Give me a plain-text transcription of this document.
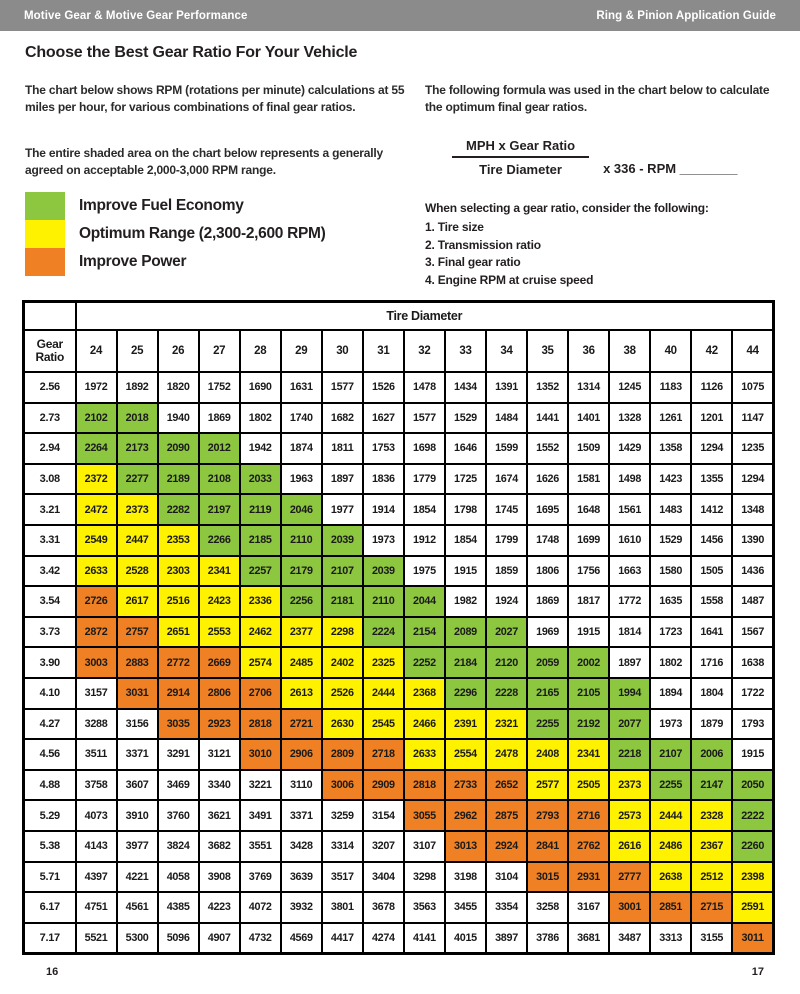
Motive Gear & Motive Gear Performance	Ring & Pinion Application Guide
Choose the Best Gear Ratio For Your Vehicle
The chart below shows RPM (rotations per minute) calculations at 55 miles per hour, for various combinations of final gear ratios.
The entire shaded area on the chart below represents a generally agreed on acceptable 2,000-3,000 RPM range.
Improve Fuel Economy
Optimum Range (2,300-2,600 RPM)
Improve Power
The following formula was used in the chart below to calculate the optimum final gear ratios.
$\frac{\text{MPH x Gear Ratio}}{\text{Tire Diameter}}$ x 336 - RPM ________
When selecting a gear ratio, consider the following:
1. Tire size
2. Transmission ratio
3. Final gear ratio
4. Engine RPM at cruise speed
	Tire Diameter																
Gear Ratio	24	25	26	27	28	29	30	31	32	33	34	35	36	38	40	42	44
2.56	1972	1892	1820	1752	1690	1631	1577	1526	1478	1434	1391	1352	1314	1245	1183	1126	1075
2.73	2102	2018	1940	1869	1802	1740	1682	1627	1577	1529	1484	1441	1401	1328	1261	1201	1147
2.94	2264	2173	2090	2012	1942	1874	1811	1753	1698	1646	1599	1552	1509	1429	1358	1294	1235
3.08	2372	2277	2189	2108	2033	1963	1897	1836	1779	1725	1674	1626	1581	1498	1423	1355	1294
3.21	2472	2373	2282	2197	2119	2046	1977	1914	1854	1798	1745	1695	1648	1561	1483	1412	1348
3.31	2549	2447	2353	2266	2185	2110	2039	1973	1912	1854	1799	1748	1699	1610	1529	1456	1390
3.42	2633	2528	2303	2341	2257	2179	2107	2039	1975	1915	1859	1806	1756	1663	1580	1505	1436
3.54	2726	2617	2516	2423	2336	2256	2181	2110	2044	1982	1924	1869	1817	1772	1635	1558	1487
3.73	2872	2757	2651	2553	2462	2377	2298	2224	2154	2089	2027	1969	1915	1814	1723	1641	1567
3.90	3003	2883	2772	2669	2574	2485	2402	2325	2252	2184	2120	2059	2002	1897	1802	1716	1638
4.10	3157	3031	2914	2806	2706	2613	2526	2444	2368	2296	2228	2165	2105	1994	1894	1804	1722
4.27	3288	3156	3035	2923	2818	2721	2630	2545	2466	2391	2321	2255	2192	2077	1973	1879	1793
4.56	3511	3371	3291	3121	3010	2906	2809	2718	2633	2554	2478	2408	2341	2218	2107	2006	1915
4.88	3758	3607	3469	3340	3221	3110	3006	2909	2818	2733	2652	2577	2505	2373	2255	2147	2050
5.29	4073	3910	3760	3621	3491	3371	3259	3154	3055	2962	2875	2793	2716	2573	2444	2328	2222
5.38	4143	3977	3824	3682	3551	3428	3314	3207	3107	3013	2924	2841	2762	2616	2486	2367	2260
5.71	4397	4221	4058	3908	3769	3639	3517	3404	3298	3198	3104	3015	2931	2777	2638	2512	2398
6.17	4751	4561	4385	4223	4072	3932	3801	3678	3563	3455	3354	3258	3167	3001	2851	2715	2591
7.17	5521	5300	5096	4907	4732	4569	4417	4274	4141	4015	3897	3786	3681	3487	3313	3155	3011
16	17
